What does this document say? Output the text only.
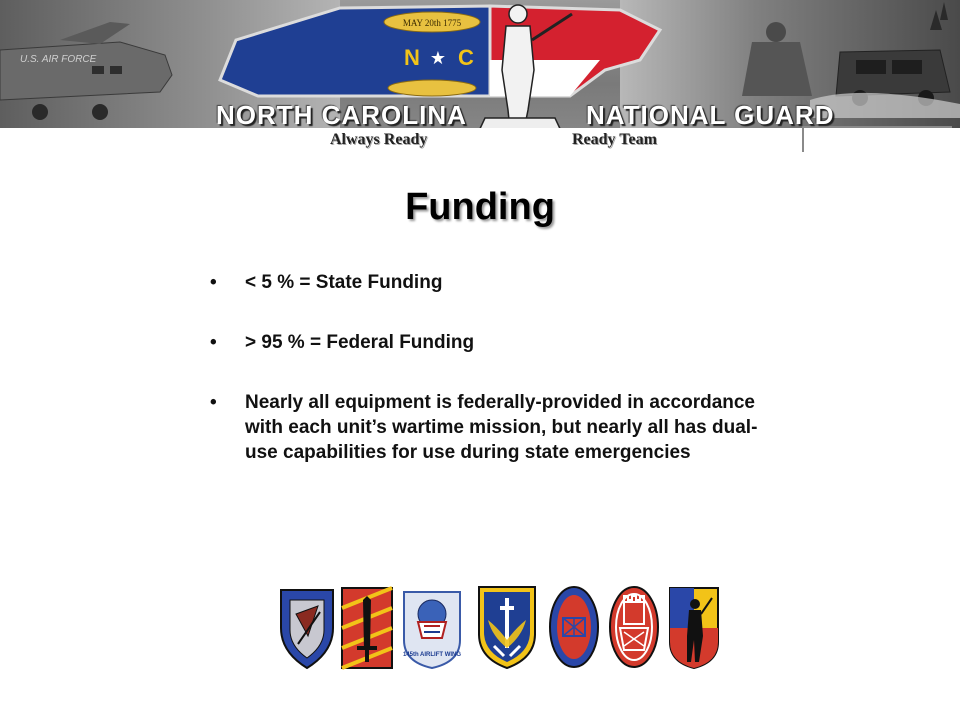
U.S. AIR FORCE
MAY 20th 1775
N ★ C
NORTH CAROLINA	NATIONAL GUARD
Always Ready	Ready Team
Funding
• < 5 % = State Funding
• > 95 % = Federal Funding
• Nearly all equipment is federally-provided in accordance with each unit’s wartime mission, but nearly all has dual-use capabilities for use during state emergencies
145th AIRLIFT WING
